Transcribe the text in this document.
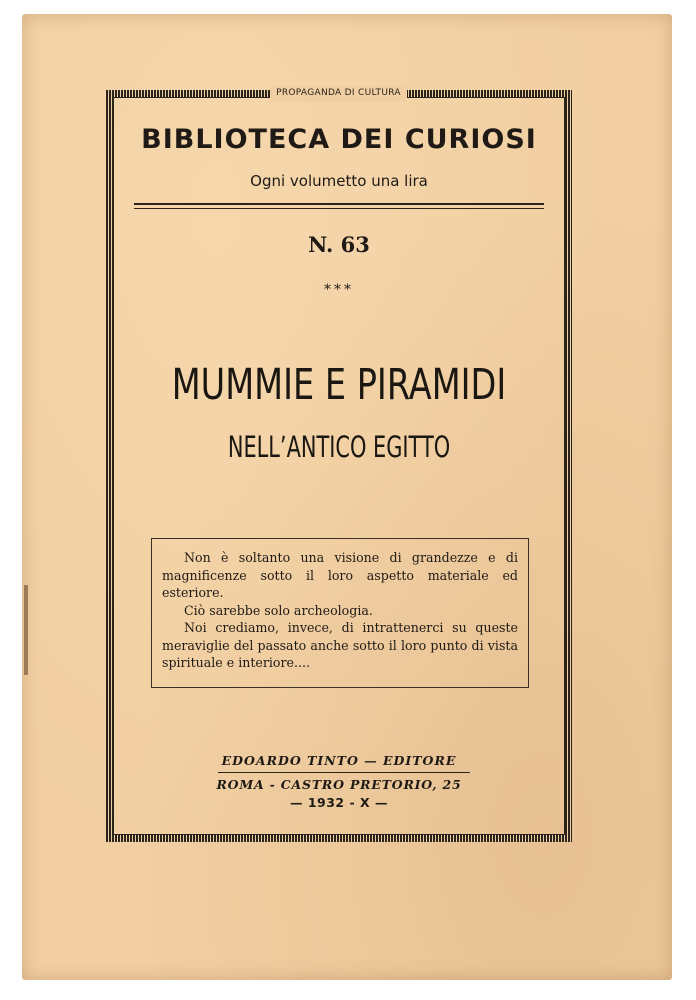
PROPAGANDA DI CULTURA
BIBLIOTECA DEI CURIOSI
Ogni volumetto una lira
N. 63
***
MUMMIE E PIRAMIDI
NELL’ANTICO EGITTO

Non è soltanto una visione di grandezze e di magnificenze sotto il loro aspetto materiale ed esteriore.

Ciò sarebbe solo archeologia.

Noi crediamo, invece, di intrattenerci su queste meraviglie del passato anche sotto il loro punto di vista spirituale e interiore....

EDOARDO TINTO — EDITORE
ROMA - CASTRO PRETORIO, 25
— 1932 - X —
